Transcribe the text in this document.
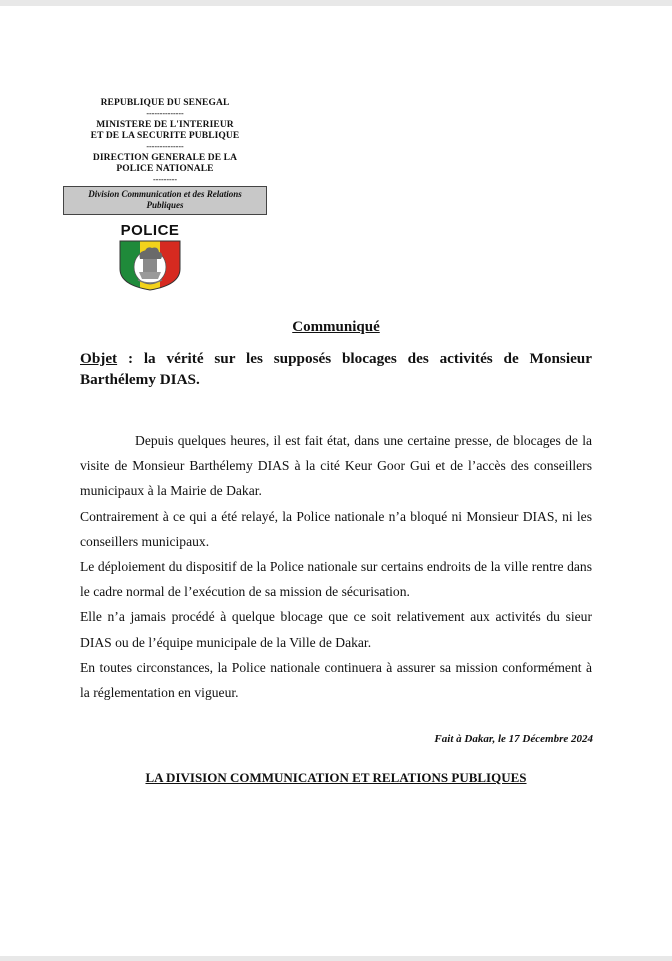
REPUBLIQUE DU SENEGAL
--------------
MINISTERE DE L'INTERIEUR
ET DE LA SECURITE PUBLIQUE
--------------
DIRECTION GENERALE DE LA
POLICE NATIONALE
---------
Division Communication et des Relations
Publiques
POLICE
Communiqué
Objet : la vérité sur les supposés blocages des activités de Monsieur Barthélemy DIAS.

Depuis quelques heures, il est fait état, dans une certaine presse, de blocages de la visite de Monsieur Barthélemy DIAS à la cité Keur Goor Gui et de l’accès des conseillers municipaux à la Mairie de Dakar.

Contrairement à ce qui a été relayé, la Police nationale n’a bloqué ni Monsieur DIAS, ni les conseillers municipaux.

Le déploiement du dispositif de la Police nationale sur certains endroits de la ville rentre dans le cadre normal de l’exécution de sa mission de sécurisation.

Elle n’a jamais procédé à quelque blocage que ce soit relativement aux activités du sieur DIAS ou de l’équipe municipale de la Ville de Dakar.

En toutes circonstances, la Police nationale continuera à assurer sa mission conformément à la réglementation en vigueur.

Fait à Dakar, le 17 Décembre 2024
LA DIVISION COMMUNICATION ET RELATIONS PUBLIQUES
